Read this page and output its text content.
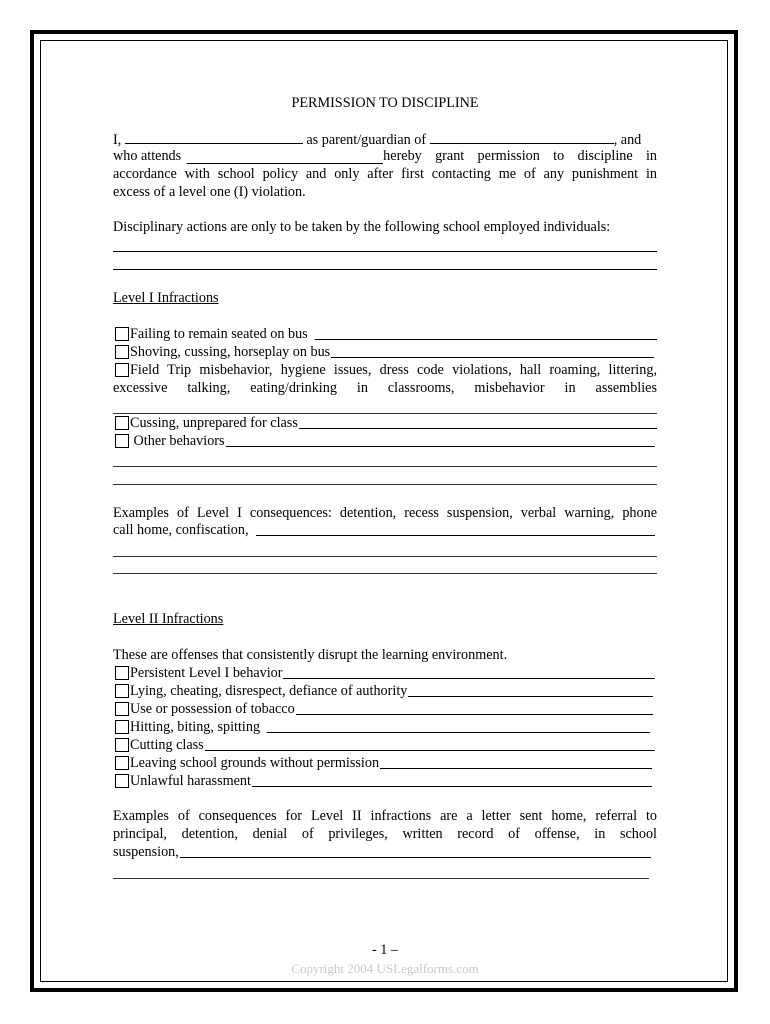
PERMISSION TO DISCIPLINE
I,	as parent/guardian of	, and
who attends	hereby grant permission to discipline in
accordance with school policy and only after first contacting me of any punishment in
excess of a level one (I) violation.
Disciplinary actions are only to be taken by the following school employed individuals:
Level I Infractions
Failing to remain seated on bus
Shoving, cussing, horseplay on bus
Field Trip misbehavior, hygiene issues, dress code violations, hall roaming, littering,
excessive talking, eating/drinking in classrooms, misbehavior in assemblies
Cussing, unprepared for class
Other behaviors
Examples of Level I consequences: detention, recess suspension, verbal warning, phone
call home, confiscation,
Level II Infractions
These are offenses that consistently disrupt the learning environment.
Persistent Level I behavior
Lying, cheating, disrespect, defiance of authority
Use or possession of tobacco
Hitting, biting, spitting
Cutting class
Leaving school grounds without permission
Unlawful harassment
Examples of consequences for Level II infractions are a letter sent home, referral to
principal, detention, denial of privileges, written record of offense, in school
suspension,
- 1 –
Copyright 2004 USLegalforms.com
